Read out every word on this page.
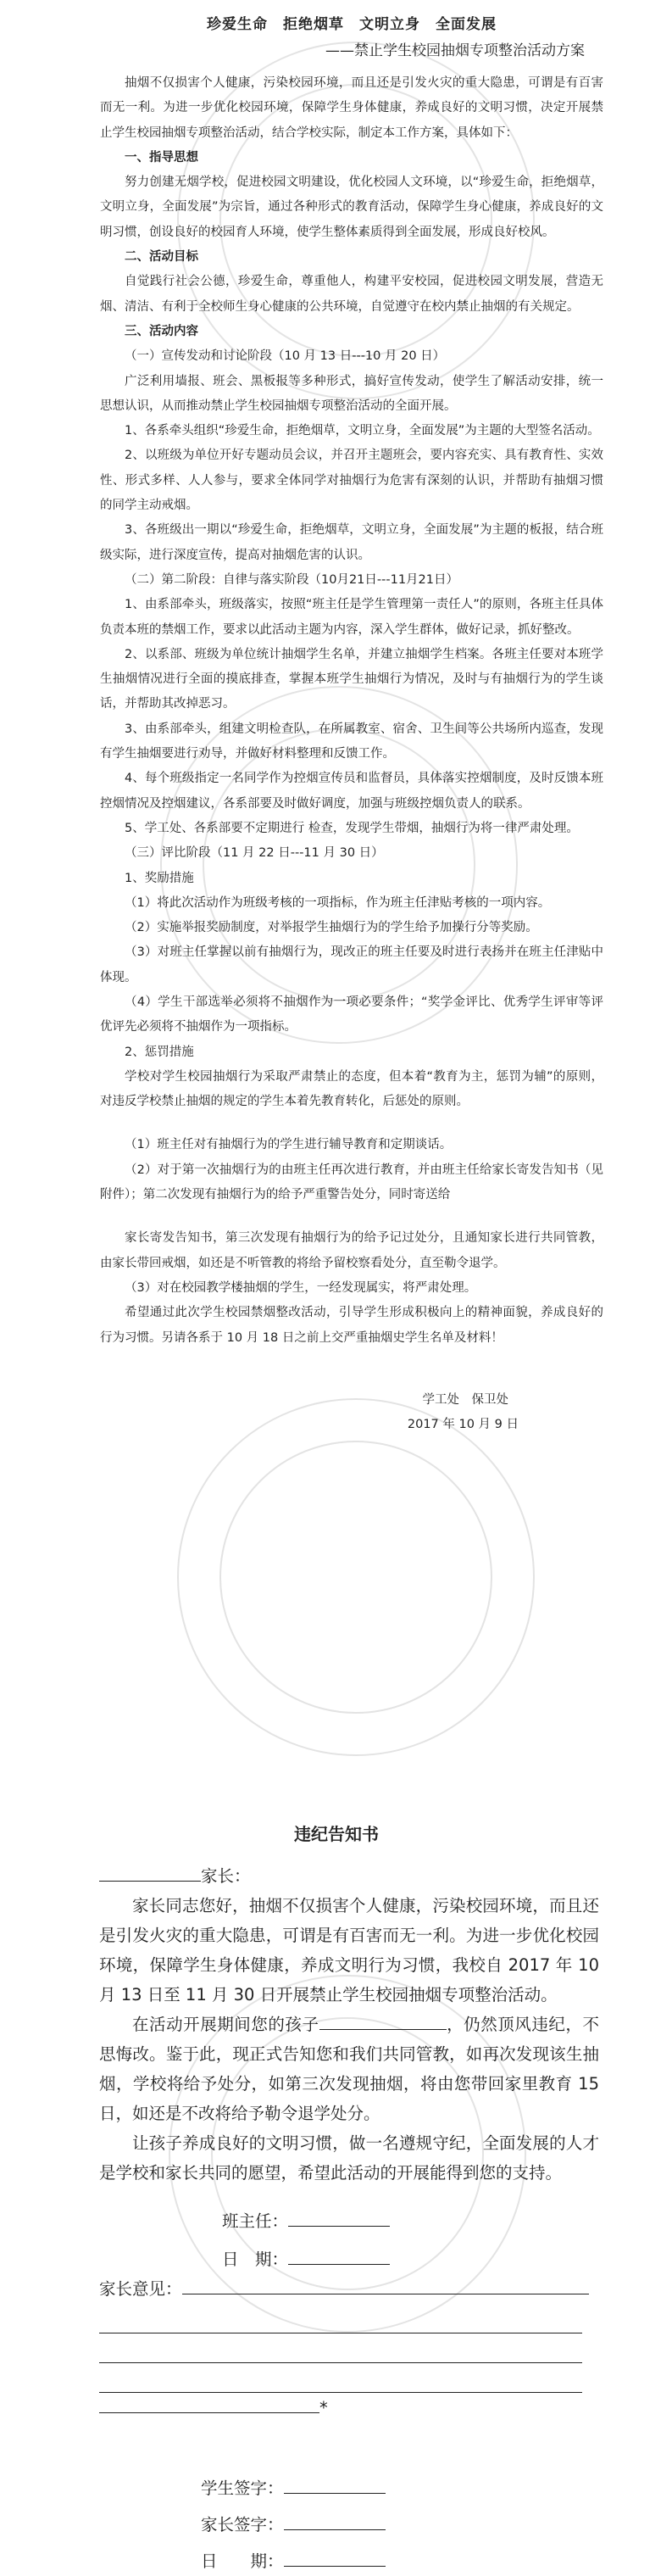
珍爱生命　拒绝烟草　文明立身　全面发展
——禁止学生校园抽烟专项整治活动方案

抽烟不仅损害个人健康，污染校园环境，而且还是引发火灾的重大隐患，可谓是有百害而无一利。为进一步优化校园环境，保障学生身体健康，养成良好的文明习惯，决定开展禁止学生校园抽烟专项整治活动，结合学校实际，制定本工作方案，具体如下：

一、指导思想

努力创建无烟学校，促进校园文明建设，优化校园人文环境，以“珍爱生命，拒绝烟草，文明立身，全面发展”为宗旨，通过各种形式的教育活动，保障学生身心健康，养成良好的文明习惯，创设良好的校园育人环境，使学生整体素质得到全面发展，形成良好校风。

二、活动目标

自觉践行社会公德，珍爱生命，尊重他人，构建平安校园，促进校园文明发展，营造无烟、清洁、有利于全校师生身心健康的公共环境，自觉遵守在校内禁止抽烟的有关规定。

三、活动内容

（一）宣传发动和讨论阶段（10 月 13 日---10 月 20 日）

广泛利用墙报、班会、黑板报等多种形式，搞好宣传发动，使学生了解活动安排，统一思想认识，从而推动禁止学生校园抽烟专项整治活动的全面开展。

1、各系牵头组织“珍爱生命，拒绝烟草，文明立身，全面发展”为主题的大型签名活动。

2、以班级为单位开好专题动员会议，并召开主题班会，要内容充实、具有教育性、实效性、形式多样、人人参与，要求全体同学对抽烟行为危害有深刻的认识，并帮助有抽烟习惯的同学主动戒烟。

3、各班级出一期以“珍爱生命，拒绝烟草，文明立身，全面发展”为主题的板报，结合班级实际，进行深度宣传，提高对抽烟危害的认识。

（二）第二阶段：自律与落实阶段（10月21日---11月21日）

1、由系部牵头，班级落实，按照“班主任是学生管理第一责任人”的原则，各班主任具体负责本班的禁烟工作，要求以此活动主题为内容，深入学生群体，做好记录，抓好整改。

2、以系部、班级为单位统计抽烟学生名单，并建立抽烟学生档案。各班主任要对本班学生抽烟情况进行全面的摸底排查，掌握本班学生抽烟行为情况，及时与有抽烟行为的学生谈话，并帮助其改掉恶习。

3、由系部牵头，组建文明检查队，在所属教室、宿舍、卫生间等公共场所内巡查，发现有学生抽烟要进行劝导，并做好材料整理和反馈工作。

4、每个班级指定一名同学作为控烟宣传员和监督员，具体落实控烟制度，及时反馈本班控烟情况及控烟建议，各系部要及时做好调度，加强与班级控烟负责人的联系。

5、学工处、各系部要不定期进行 检查，发现学生带烟，抽烟行为将一律严肃处理。

（三）评比阶段（11 月 22 日---11 月 30 日）

1、奖励措施

（1）将此次活动作为班级考核的一项指标，作为班主任津贴考核的一项内容。

（2）实施举报奖励制度，对举报学生抽烟行为的学生给予加操行分等奖励。

（3）对班主任掌握以前有抽烟行为，现改正的班主任要及时进行表扬并在班主任津贴中体现。

（4）学生干部选举必须将不抽烟作为一项必要条件；“奖学金评比、优秀学生评审等评优评先必须将不抽烟作为一项指标。

2、惩罚措施

学校对学生校园抽烟行为采取严肃禁止的态度，但本着“教育为主，惩罚为辅”的原则，对违反学校禁止抽烟的规定的学生本着先教育转化，后惩处的原则。

（1）班主任对有抽烟行为的学生进行辅导教育和定期谈话。

（2）对于第一次抽烟行为的由班主任再次进行教育，并由班主任给家长寄发告知书（见附件）；第二次发现有抽烟行为的给予严重警告处分，同时寄送给

家长寄发告知书，第三次发现有抽烟行为的给予记过处分，且通知家长进行共同管教，由家长带回戒烟，如还是不听管教的将给予留校察看处分，直至勒令退学。

（3）对在校园教学楼抽烟的学生，一经发现属实，将严肃处理。

希望通过此次学生校园禁烟整改活动，引导学生形成积极向上的精神面貌，养成良好的行为习惯。另请各系于 10 月 18 日之前上交严重抽烟史学生名单及材料！

学工处　保卫处
2017 年 10 月 9 日
违纪告知书

家长：

家长同志您好，抽烟不仅损害个人健康，污染校园环境，而且还是引发火灾的重大隐患，可谓是有百害而无一利。为进一步优化校园环境，保障学生身体健康，养成文明行为习惯，我校自 2017 年 10 月 13 日至 11 月 30 日开展禁止学生校园抽烟专项整治活动。

在活动开展期间您的孩子	，仍然顶风违纪，不思悔改。鉴于此，现正式告知您和我们共同管教，如再次发现该生抽烟，学校将给予处分，如第三次发现抽烟，将由您带回家里教育 15 日，如还是不改将给予勒令退学处分。

让孩子养成良好的文明习惯，做一名遵规守纪，全面发展的人才是学校和家长共同的愿望，希望此活动的开展能得到您的支持。

班主任：

日　期：

家长意见：

*

学生签字：

家长签字：

日　　期：
